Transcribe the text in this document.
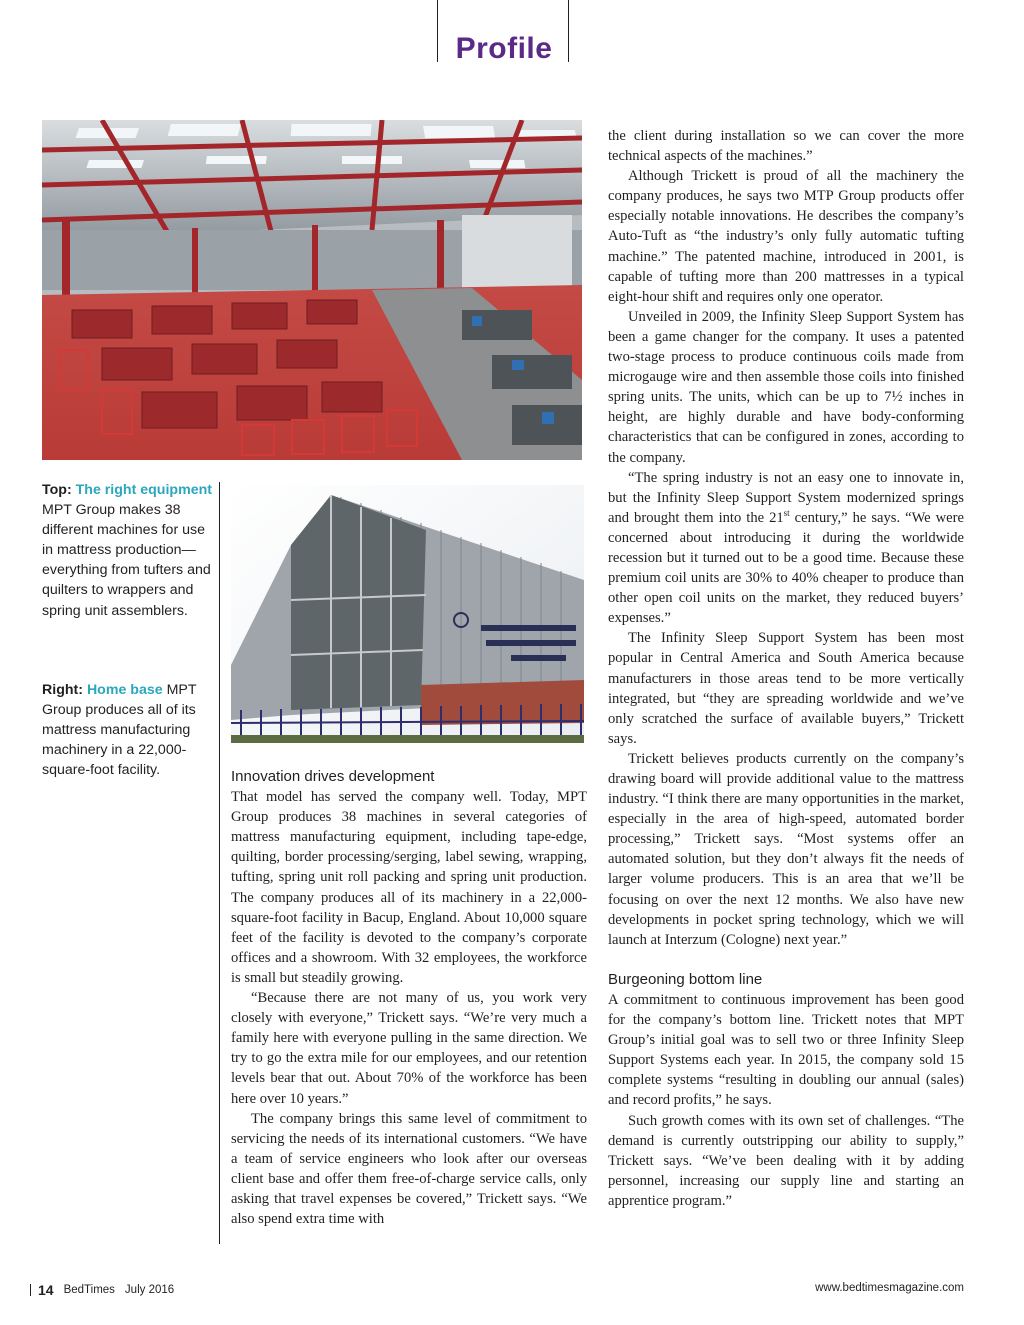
Profile
Top: The right equipment MPT Group makes 38 different machines for use in mattress production—everything from tufters and quilters to wrappers and spring unit assemblers.
Right: Home base MPT Group produces all of its mattress manufacturing machinery in a 22,000-square-foot facility.	Innovation drives development

That model has served the company well. Today, MPT Group produces 38 machines in several categories of mattress manufacturing equipment, including tape-edge, quilting, border processing/serging, label sewing, wrapping, tufting, spring unit roll packing and spring unit production. The company produces all of its machinery in a 22,000-square-foot facility in Bacup, England. About 10,000 square feet of the facility is devoted to the company’s corporate offices and a showroom. With 32 employees, the workforce is small but steadily growing.

“Because there are not many of us, you work very closely with everyone,” Trickett says. “We’re very much a family here with everyone pulling in the same direction. We try to go the extra mile for our employees, and our retention levels bear that out. About 70% of the workforce has been here over 10 years.”

The company brings this same level of commitment to servicing the needs of its international customers. “We have a team of service engineers who look after our overseas client base and offer them free-of-charge service calls, only asking that travel expenses be covered,” Trickett says. “We also spend extra time with

the client during installation so we can cover the more technical aspects of the machines.”

Although Trickett is proud of all the machinery the company produces, he says two MTP Group products offer especially notable innovations. He describes the company’s Auto-Tuft as “the industry’s only fully automatic tufting machine.” The patented machine, introduced in 2001, is capable of tufting more than 200 mattresses in a typical eight-hour shift and requires only one operator.

Unveiled in 2009, the Infinity Sleep Support System has been a game changer for the company. It uses a patented two-stage process to produce continuous coils made from microgauge wire and then assemble those coils into finished spring units. The units, which can be up to 7½ inches in height, are highly durable and have body-conforming characteristics that can be configured in zones, according to the company.

“The spring industry is not an easy one to innovate in, but the Infinity Sleep Support System modernized springs and brought them into the 21st century,” he says. “We were concerned about introducing it during the worldwide recession but it turned out to be a good time. Because these premium coil units are 30% to 40% cheaper to produce than other open coil units on the market, they reduced buyers’ expenses.”

The Infinity Sleep Support System has been most popular in Central America and South America because manufacturers in those areas tend to be more vertically integrated, but “they are spreading worldwide and we’ve only scratched the surface of available buyers,” Trickett says.

Trickett believes products currently on the company’s drawing board will provide additional value to the mattress industry. “I think there are many opportunities in the market, especially in the area of high-speed, automated border processing,” Trickett says. “Most systems offer an automated solution, but they don’t always fit the needs of larger volume producers. This is an area that we’ll be focusing on over the next 12 months. We also have new developments in pocket spring technology, which we will launch at Interzum (Cologne) next year.”

Burgeoning bottom line

A commitment to continuous improvement has been good for the company’s bottom line. Trickett notes that MPT Group’s initial goal was to sell two or three Infinity Sleep Support Systems each year. In 2015, the company sold 15 complete systems “resulting in doubling our annual (sales) and record profits,” he says.

Such growth comes with its own set of challenges. “The demand is currently outstripping our ability to supply,” Trickett says. “We’ve been dealing with it by adding personnel, increasing our supply line and starting an apprentice program.”

14 BedTimes July 2016	www.bedtimesmagazine.com
